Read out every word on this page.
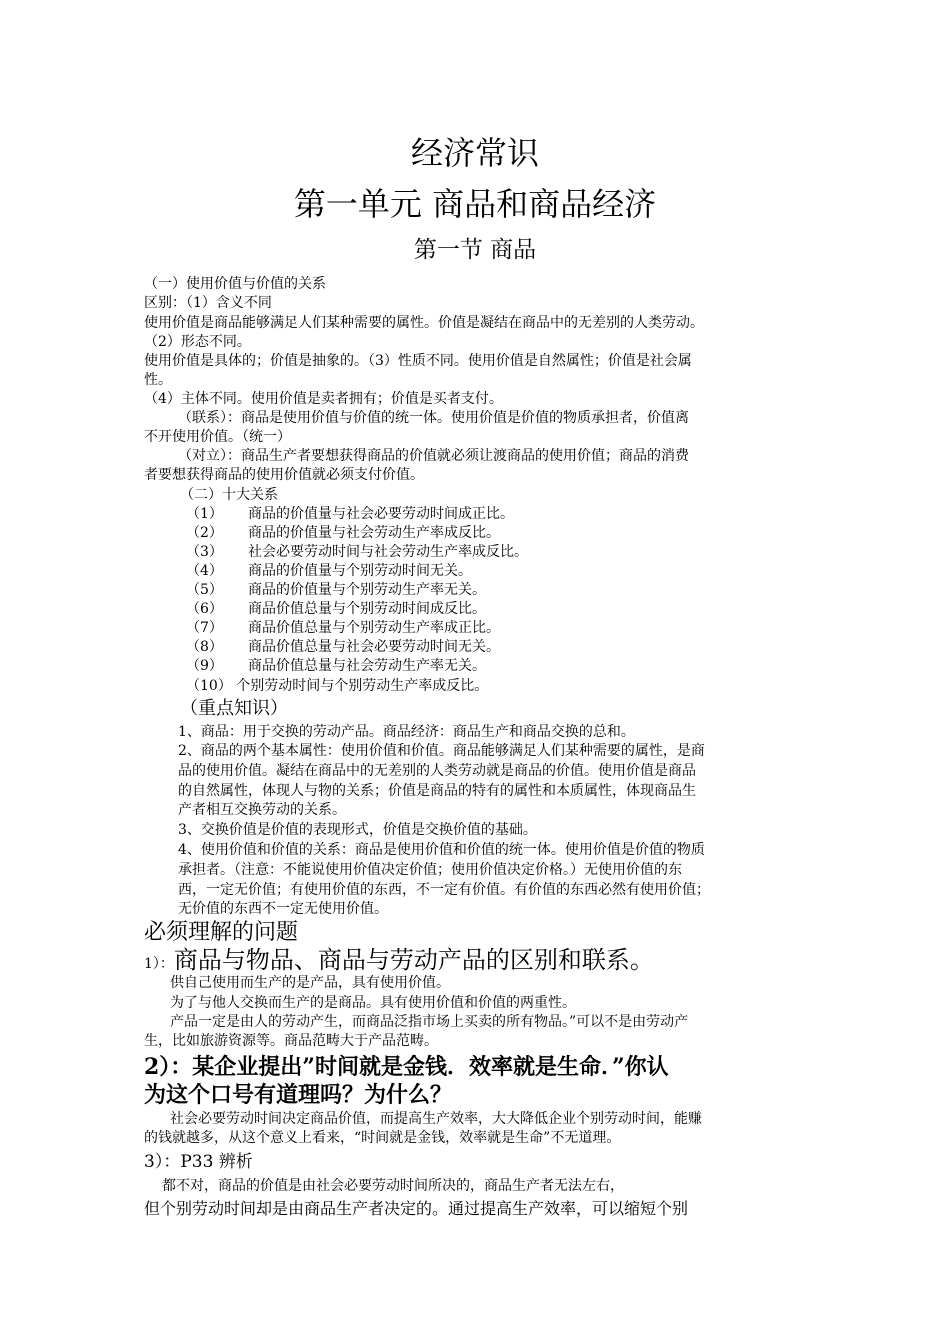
经济常识
第一单元 商品和商品经济
第一节 商品
（一）使用价值与价值的关系
区别：（1）含义不同
使用价值是商品能够满足人们某种需要的属性。价值是凝结在商品中的无差别的人类劳动。
（2）形态不同。
使用价值是具体的；价值是抽象的。（3）性质不同。使用价值是自然属性；价值是社会属
性。
（4）主体不同。使用价值是卖者拥有；价值是买者支付。
（联系）：商品是使用价值与价值的统一体。使用价值是价值的物质承担者，价值离
不开使用价值。（统一）
（对立）：商品生产者要想获得商品的价值就必须让渡商品的使用价值；商品的消费
者要想获得商品的使用价值就必须支付价值。
（二）十大关系
（1） 商品的价值量与社会必要劳动时间成正比。
（2） 商品的价值量与社会劳动生产率成反比。
（3） 社会必要劳动时间与社会劳动生产率成反比。
（4） 商品的价值量与个别劳动时间无关。
（5） 商品的价值量与个别劳动生产率无关。
（6） 商品价值总量与个别劳动时间成反比。
（7） 商品价值总量与个别劳动生产率成正比。
（8） 商品价值总量与社会必要劳动时间无关。
（9） 商品价值总量与社会劳动生产率无关。
（10） 个别劳动时间与个别劳动生产率成反比。
（重点知识）
1、商品：用于交换的劳动产品。商品经济：商品生产和商品交换的总和。
2、商品的两个基本属性：使用价值和价值。商品能够满足人们某种需要的属性，是商
品的使用价值。凝结在商品中的无差别的人类劳动就是商品的价值。使用价值是商品
的自然属性，体现人与物的关系；价值是商品的特有的属性和本质属性，体现商品生
产者相互交换劳动的关系。
3、交换价值是价值的表现形式，价值是交换价值的基础。
4、使用价值和价值的关系：商品是使用价值和价值的统一体。使用价值是价值的物质
承担者。（注意：不能说使用价值决定价值；使用价值决定价格。）无使用价值的东
西，一定无价值；有使用价值的东西，不一定有价值。有价值的东西必然有使用价值；
无价值的东西不一定无使用价值。
必须理解的问题
1）：商品与物品、商品与劳动产品的区别和联系。
供自己使用而生产的是产品，具有使用价值。
为了与他人交换而生产的是商品。具有使用价值和价值的两重性。
产品一定是由人的劳动产生，而商品泛指市场上买卖的所有物品。”可以不是由劳动产
生，比如旅游资源等。商品范畴大于产品范畴。
2）：某企业提出”时间就是金钱．效率就是生命．”你认
为这个口号有道理吗？为什么？
社会必要劳动时间决定商品价值，而提高生产效率，大大降低企业个别劳动时间，能赚
的钱就越多，从这个意义上看来，“时间就是金钱，效率就是生命”不无道理。
3）：P33 辨析
都不对，商品的价值是由社会必要劳动时间所决的，商品生产者无法左右，
但个别劳动时间却是由商品生产者决定的。通过提高生产效率，可以缩短个别
